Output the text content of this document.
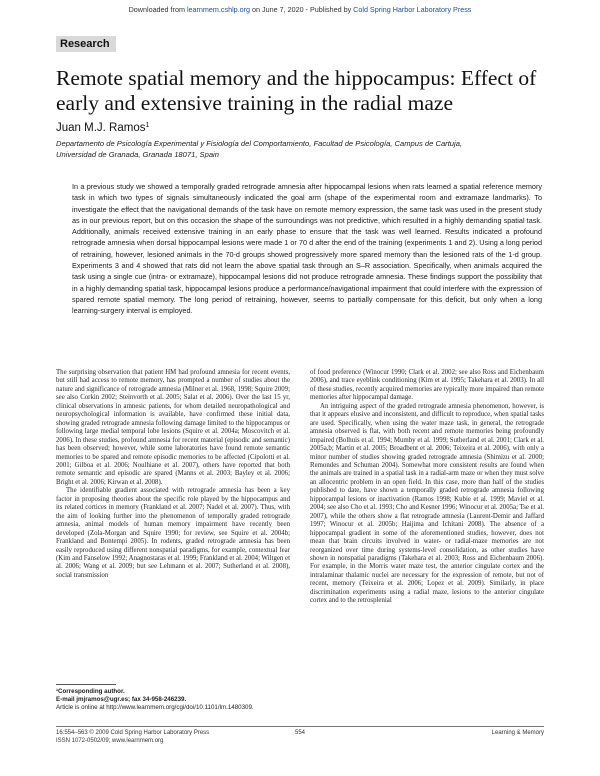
Downloaded from learnmem.cshlp.org on June 7, 2020 - Published by Cold Spring Harbor Laboratory Press
Research
Remote spatial memory and the hippocampus: Effect of early and extensive training in the radial maze
Juan M.J. Ramos$^1$
Departamento de Psicología Experimental y Fisiología del Comportamiento, Facultad de Psicología, Campus de Cartuja, Universidad de Granada, Granada 18071, Spain

In a previous study we showed a temporally graded retrograde amnesia after hippocampal lesions when rats learned a spatial reference memory task in which two types of signals simultaneously indicated the goal arm (shape of the experimental room and extramaze landmarks). To investigate the effect that the navigational demands of the task have on remote memory expression, the same task was used in the present study as in our previous report, but on this occasion the shape of the surroundings was not predictive, which resulted in a highly demanding spatial task. Additionally, animals received extensive training in an early phase to ensure that the task was well learned. Results indicated a profound retrograde amnesia when dorsal hippocampal lesions were made 1 or 70 d after the end of the training (experiments 1 and 2). Using a long period of retraining, however, lesioned animals in the 70-d groups showed progressively more spared memory than the lesioned rats of the 1-d group. Experiments 3 and 4 showed that rats did not learn the above spatial task through an S–R association. Specifically, when animals acquired the task using a single cue (intra- or extramaze), hippocampal lesions did not produce retrograde amnesia. These findings support the possibility that in a highly demanding spatial task, hippocampal lesions produce a performance/navigational impairment that could interfere with the expression of spared remote spatial memory. The long period of retraining, however, seems to partially compensate for this deficit, but only when a long learning-surgery interval is employed.

The surprising observation that patient HM had profound amnesia for recent events, but still had access to remote memory, has prompted a number of studies about the nature and significance of retrograde amnesia (Milner et al. 1968, 1998; Squire 2009; see also Corkin 2002; Steinvorth et al. 2005; Salat et al. 2006). Over the last 15 yr, clinical observations in amnesic patients, for whom detailed neuropathological and neuropsychological information is available, have confirmed these initial data, showing graded retrograde amnesia following damage limited to the hippocampus or following large medial temporal lobe lesions (Squire et al. 2004a; Moscovitch et al. 2006). In these studies, profound amnesia for recent material (episodic and semantic) has been observed; however, while some laboratories have found remote semantic memories to be spared and remote episodic memories to be affected (Cipolotti et al. 2001; Gilboa et al. 2006; Noulhiane et al. 2007), others have reported that both remote semantic and episodic are spared (Manns et al. 2003; Bayley et al. 2006; Bright et al. 2006; Kirwan et al. 2008).

The identifiable gradient associated with retrograde amnesia has been a key factor in proposing theories about the specific role played by the hippocampus and its related cortices in memory (Frankland et al. 2007; Nadel et al. 2007). Thus, with the aim of looking further into the phenomenon of temporally graded retrograde amnesia, animal models of human memory impairment have recently been developed (Zola-Morgan and Squire 1990; for review, see Squire et al. 2004b; Frankland and Bontempi 2005). In rodents, graded retrograde amnesia has been easily reproduced using different nonspatial paradigms, for example, contextual fear (Kim and Fanselow 1992; Anagnostaras et al. 1999; Frankland et al. 2004; Wiltgen et al. 2006; Wang et al. 2009; but see Lehmann et al. 2007; Sutherland et al. 2008), social transmission

of food preference (Winocur 1990; Clark et al. 2002; see also Ross and Eichenbaum 2006), and trace eyeblink conditioning (Kim et al. 1995; Takehara et al. 2003). In all of these studies, recently acquired memories are typically more impaired than remote memories after hippocampal damage.

An intriguing aspect of the graded retrograde amnesia phenomenon, however, is that it appears elusive and inconsistent, and difficult to reproduce, when spatial tasks are used. Specifically, when using the water maze task, in general, the retrograde amnesia observed is flat, with both recent and remote memories being profoundly impaired (Bolhuis et al. 1994; Mumby et al. 1999; Sutherland et al. 2001; Clark et al. 2005a,b; Martin et al. 2005; Broadbent et al. 2006; Teixeira et al. 2006), with only a minor number of studies showing graded retrograde amnesia (Shimizu et al. 2000; Remondes and Schuman 2004). Somewhat more consistent results are found when the animals are trained in a spatial task in a radial-arm maze or when they must solve an allocentric problem in an open field. In this case, more than half of the studies published to date, have shown a temporally graded retrograde amnesia following hippocampal lesions or inactivation (Ramos 1998; Kubie et al. 1999; Maviel et al. 2004; see also Cho et al. 1993; Cho and Kesner 1996; Winocur et al. 2005a; Tse et al. 2007), while the others show a flat retrograde amnesia (Laurent-Demir and Jaffard 1997; Winocur et al. 2005b; Haijima and Ichitani 2008). The absence of a hippocampal gradient in some of the aforementioned studies, however, does not mean that brain circuits involved in water- or radial-maze memories are not reorganized over time during systems-level consolidation, as other studies have shown in nonspatial paradigms (Takehara et al. 2003; Ross and Eichenbaum 2006). For example, in the Morris water maze test, the anterior cingulate cortex and the intralaminar thalamic nuclei are necessary for the expression of remote, but not of recent, memory (Teixeira et al. 2006; Lopez et al. 2009). Similarly, in place discrimination experiments using a radial maze, lesions to the anterior cingulate cortex and to the retrosplenial

¹Corresponding author.
E-mail jmjramos@ugr.es; fax 34-958-246239.
Article is online at http://www.learnmem.org/cgi/doi/10.1101/lm.1480309.
16:554–563 © 2009 Cold Spring Harbor Laboratory Press
ISSN 1072-0502/09; www.learnmem.org
554	Learning & Memory
